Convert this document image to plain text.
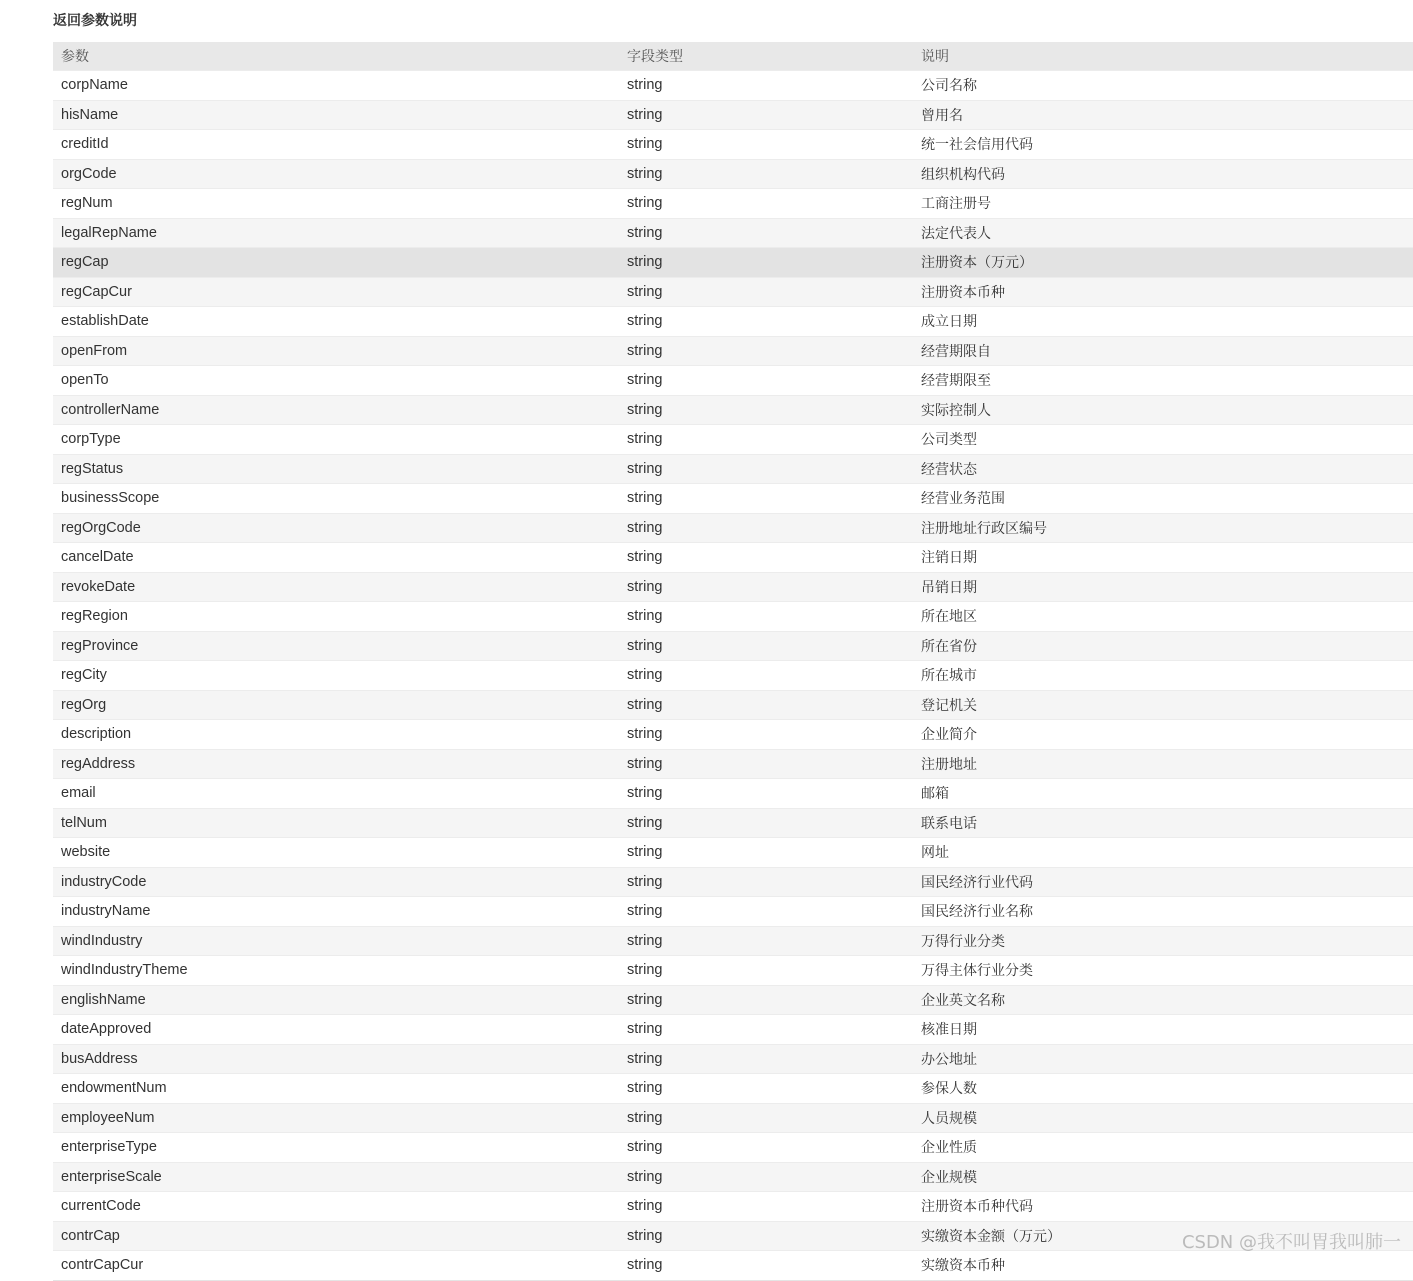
返回参数说明
参数	字段类型	说明
corpName	string	公司名称
hisName	string	曾用名
creditId	string	统一社会信用代码
orgCode	string	组织机构代码
regNum	string	工商注册号
legalRepName	string	法定代表人
regCap	string	注册资本（万元）
regCapCur	string	注册资本币种
establishDate	string	成立日期
openFrom	string	经营期限自
openTo	string	经营期限至
controllerName	string	实际控制人
corpType	string	公司类型
regStatus	string	经营状态
businessScope	string	经营业务范围
regOrgCode	string	注册地址行政区编号
cancelDate	string	注销日期
revokeDate	string	吊销日期
regRegion	string	所在地区
regProvince	string	所在省份
regCity	string	所在城市
regOrg	string	登记机关
description	string	企业简介
regAddress	string	注册地址
email	string	邮箱
telNum	string	联系电话
website	string	网址
industryCode	string	国民经济行业代码
industryName	string	国民经济行业名称
windIndustry	string	万得行业分类
windIndustryTheme	string	万得主体行业分类
englishName	string	企业英文名称
dateApproved	string	核准日期
busAddress	string	办公地址
endowmentNum	string	参保人数
employeeNum	string	人员规模
enterpriseType	string	企业性质
enterpriseScale	string	企业规模
currentCode	string	注册资本币种代码
contrCap	string	实缴资本金额（万元）
contrCapCur	string	实缴资本币种
CSDN @我不叫胃我叫肺一
